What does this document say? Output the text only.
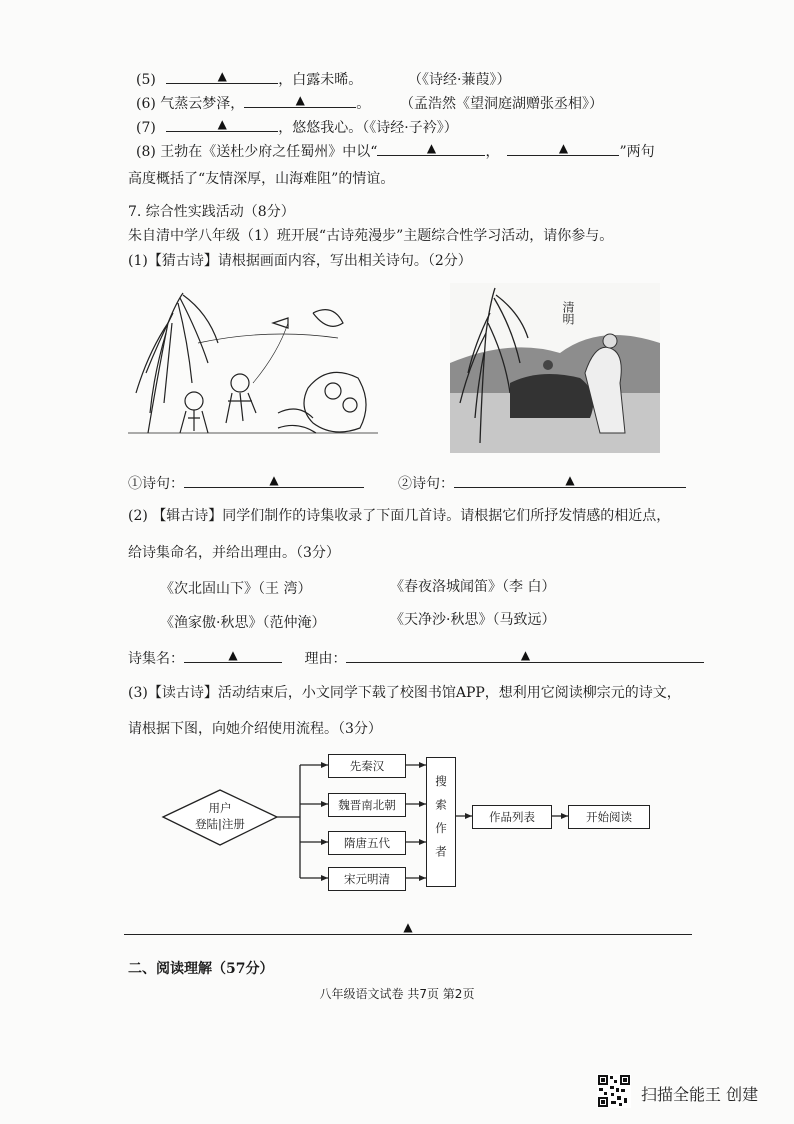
(5)	▲	，白露未晞。	（《诗经·蒹葭》）
(6) 气蒸云梦泽，	▲	。 （孟浩然《望洞庭湖赠张丞相》）
(7)	▲	，悠悠我心。（《诗经·子衿》）
(8) 王勃在《送杜少府之任蜀州》中以“	▲	，	▲	”两句
高度概括了“友情深厚，山海难阻”的情谊。
7. 综合性实践活动（8分）
朱自清中学八年级（1）班开展“古诗苑漫步”主题综合性学习活动，请你参与。
(1)【猜古诗】请根据画面内容，写出相关诗句。（2分）
清明
①诗句：	▲	②诗句：	▲
(2) 【辑古诗】同学们制作的诗集收录了下面几首诗。请根据它们所抒发情感的相近点，
给诗集命名，并给出理由。（3分）
《次北固山下》（王 湾）	《春夜洛城闻笛》（李 白）
《渔家傲·秋思》（范仲淹）	《天净沙·秋思》（马致远）
诗集名：	▲	理由：	▲
(3)【读古诗】活动结束后，小文同学下载了校图书馆APP，想利用它阅读柳宗元的诗文，
请根据下图，向她介绍使用流程。（3分）
用户
登陆|注册
先秦汉
魏晋南北朝
隋唐五代
宋元明清
搜索作者	作品列表	开始阅读
▲
二、阅读理解（57分）
八年级语文试卷 共7页 第2页
扫描全能王 创建
